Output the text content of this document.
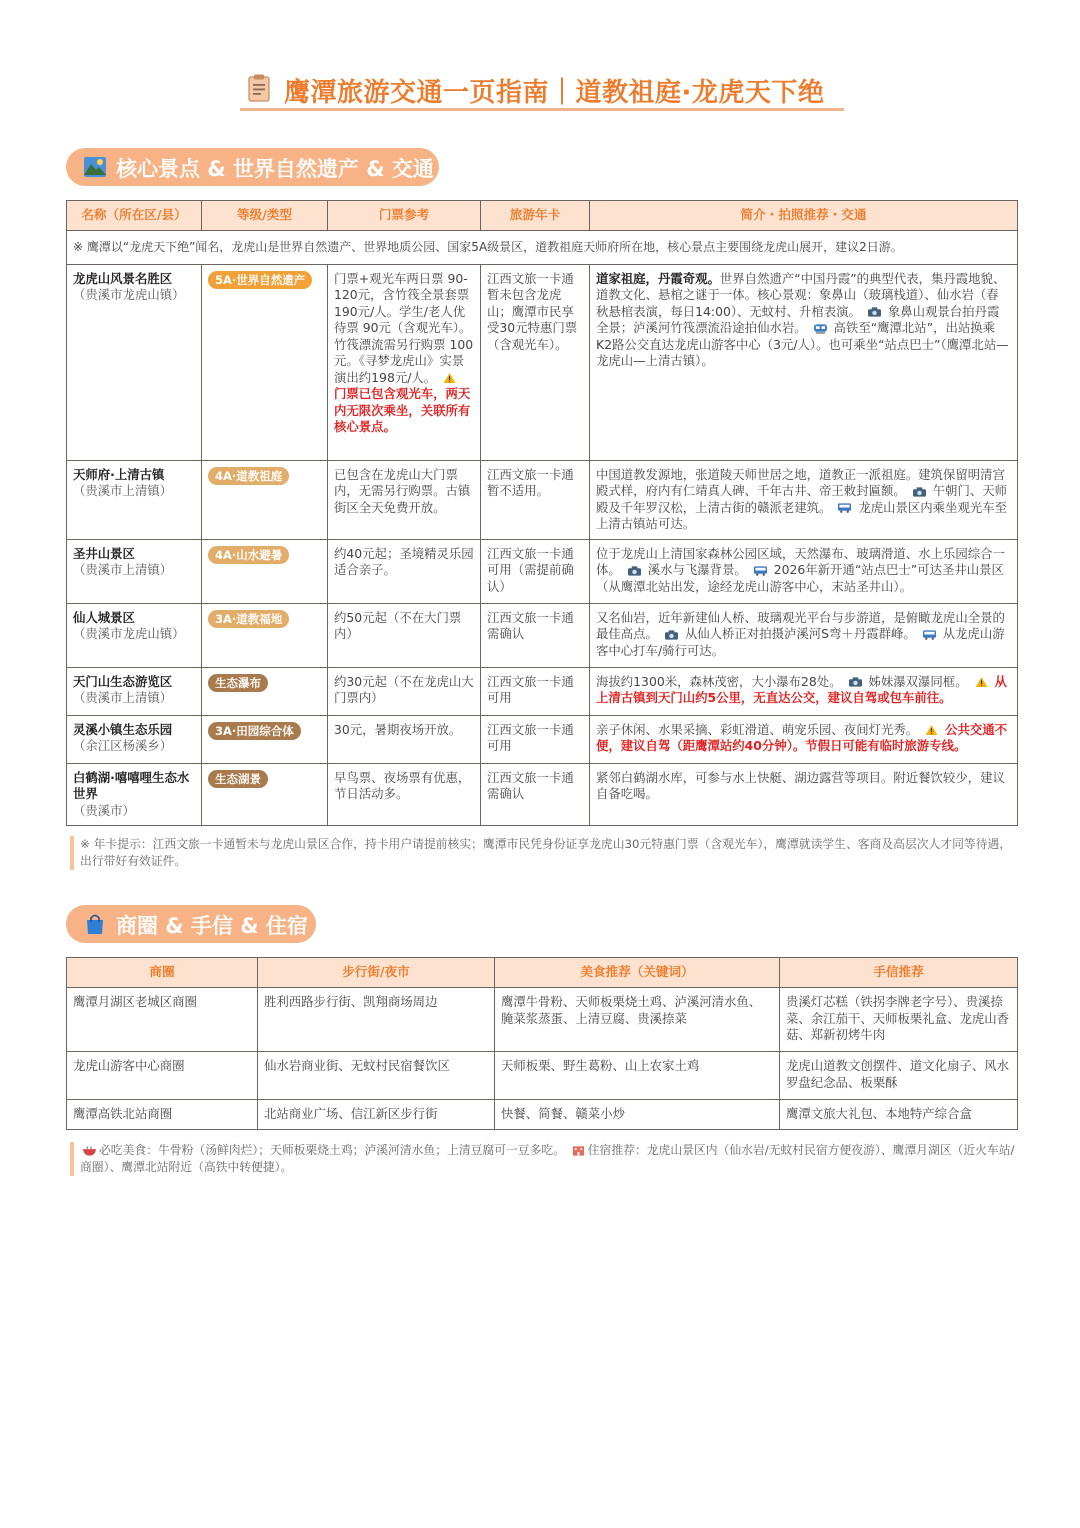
鹰潭旅游交通一页指南｜道教祖庭·龙虎天下绝
核心景点 & 世界自然遗产 & 交通
名称（所在区/县）	等级/类型	门票参考	旅游年卡	简介・拍照推荐・交通
※ 鹰潭以“龙虎天下绝”闻名，龙虎山是世界自然遗产、世界地质公园、国家5A级景区，道教祖庭天师府所在地，核心景点主要围绕龙虎山展开，建议2日游。				

龙虎山风景名胜区
（贵溪市龙虎山镇）	5A·世界自然遗产	门票+观光车两日票 90-120元，含竹筏全景套票190元/人。学生/老人优待票 90元（含观光车）。竹筏漂流需另行购票 100元。《寻梦龙虎山》实景演出约198元/人。  门票已包含观光车，两天内无限次乘坐，关联所有核心景点。	江西文旅一卡通暂未包含龙虎山；鹰潭市民享受30元特惠门票（含观光车）。	道家祖庭，丹霞奇观。世界自然遗产“中国丹霞”的典型代表，集丹霞地貌、道教文化、悬棺之谜于一体。核心景观：象鼻山（玻璃栈道）、仙水岩（春秋悬棺表演，每日14:00）、无蚊村、升棺表演。 象鼻山观景台拍丹霞全景；泸溪河竹筏漂流沿途拍仙水岩。 高铁至“鹰潭北站”，出站换乘K2路公交直达龙虎山游客中心（3元/人）。也可乘坐“站点巴士”（鹰潭北站—龙虎山—上清古镇）。

天师府·上清古镇
（贵溪市上清镇）	4A·道教祖庭	已包含在龙虎山大门票内，无需另行购票。古镇街区全天免费开放。	江西文旅一卡通暂不适用。	中国道教发源地，张道陵天师世居之地，道教正一派祖庭。建筑保留明清宫殿式样，府内有仁靖真人碑、千年古井、帝王敕封匾额。 午朝门、天师殿及千年罗汉松，上清古街的赣派老建筑。 龙虎山景区内乘坐观光车至上清古镇站可达。

圣井山景区
（贵溪市上清镇）	4A·山水避暑	约40元起；圣境精灵乐园适合亲子。	江西文旅一卡通可用（需提前确认）	位于龙虎山上清国家森林公园区域，天然瀑布、玻璃滑道、水上乐园综合一体。 溪水与飞瀑背景。 2026年新开通“站点巴士”可达圣井山景区（从鹰潭北站出发，途经龙虎山游客中心，末站圣井山）。

仙人城景区
（贵溪市龙虎山镇）	3A·道教福地	约50元起（不在大门票内）	江西文旅一卡通需确认	又名仙岩，近年新建仙人桥、玻璃观光平台与步游道，是俯瞰龙虎山全景的最佳高点。 从仙人桥正对拍摄泸溪河S弯＋丹霞群峰。 从龙虎山游客中心打车/骑行可达。

天门山生态游览区
（贵溪市上清镇）	生态瀑布	约30元起（不在龙虎山大门票内）	江西文旅一卡通可用	海拔约1300米，森林茂密，大小瀑布28处。 姊妹瀑双瀑同框。 从上清古镇到天门山约5公里，无直达公交，建议自驾或包车前往。

灵溪小镇生态乐园
（余江区杨溪乡）	3A·田园综合体	30元，暑期夜场开放。	江西文旅一卡通可用	亲子休闲、水果采摘、彩虹滑道、萌宠乐园、夜间灯光秀。 公共交通不便，建议自驾（距鹰潭站约40分钟）。节假日可能有临时旅游专线。

白鹤湖·嘻嘻哩生态水世界
（贵溪市）	生态湖景	早鸟票、夜场票有优惠，节日活动多。	江西文旅一卡通需确认	紧邻白鹤湖水库，可参与水上快艇、湖边露营等项目。附近餐饮较少，建议自备吃喝。
※ 年卡提示：江西文旅一卡通暂未与龙虎山景区合作，持卡用户请提前核实；鹰潭市民凭身份证享龙虎山30元特惠门票（含观光车），鹰潭就读学生、客商及高层次人才同等待遇，出行带好有效证件。
商圈 & 手信 & 住宿
商圈	步行街/夜市	美食推荐（关键词）	手信推荐
鹰潭月湖区老城区商圈	胜利西路步行街、凯翔商场周边	鹰潭牛骨粉、天师板栗烧土鸡、泸溪河清水鱼、腌菜浆蒸蛋、上清豆腐、贵溪捺菜	贵溪灯芯糕（铁拐李牌老字号）、贵溪捺菜、余江茄干、天师板栗礼盒、龙虎山香菇、郑新初烤牛肉
龙虎山游客中心商圈	仙水岩商业街、无蚊村民宿餐饮区	天师板栗、野生葛粉、山上农家土鸡	龙虎山道教文创摆件、道文化扇子、风水罗盘纪念品、板栗酥
鹰潭高铁北站商圈	北站商业广场、信江新区步行街	快餐、简餐、赣菜小炒	鹰潭文旅大礼包、本地特产综合盒
必吃美食：牛骨粉（汤鲜肉烂）；天师板栗烧土鸡；泸溪河清水鱼；上清豆腐可一豆多吃。 住宿推荐：龙虎山景区内（仙水岩/无蚊村民宿方便夜游）、鹰潭月湖区（近火车站/商圈）、鹰潭北站附近（高铁中转便捷）。
